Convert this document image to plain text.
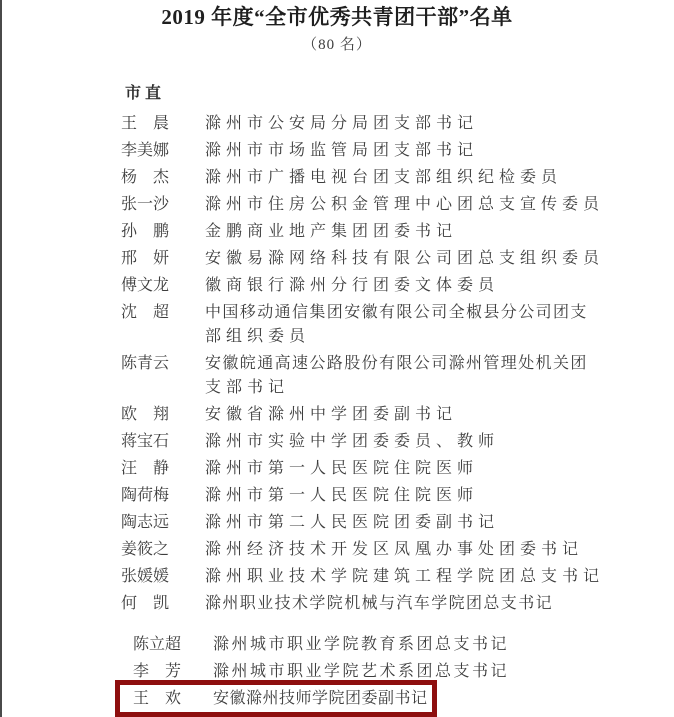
2019 年度“全市优秀共青团干部”名单
（80 名）
市 直
王　晨 滁州市公安局分局团支部书记
李美娜 滁州市市场监管局团支部书记
杨　杰 滁州市广播电视台团支部组织纪检委员
张一沙 滁州市住房公积金管理中心团总支宣传委员
孙　鹏 金鹏商业地产集团团委书记
邢　妍 安徽易滁网络科技有限公司团总支组织委员
傅文龙 徽商银行滁州分行团委文体委员
沈　超 中国移动通信集团安徽有限公司全椒县分公司团支
部组织委员
陈青云 安徽皖通高速公路股份有限公司滁州管理处机关团
支部书记
欧　翔 安徽省滁州中学团委副书记
蒋宝石 滁州市实验中学团委委员、教师
汪　静 滁州市第一人民医院住院医师
陶荷梅 滁州市第一人民医院住院医师
陶志远 滁州市第二人民医院团委副书记
姜筱之 滁州经济技术开发区凤凰办事处团委书记
张媛媛 滁州职业技术学院建筑工程学院团总支书记
何　凯 滁州职业技术学院机械与汽车学院团总支书记
陈立超 滁州城市职业学院教育系团总支书记
李　芳 滁州城市职业学院艺术系团总支书记
王　欢 安徽滁州技师学院团委副书记
